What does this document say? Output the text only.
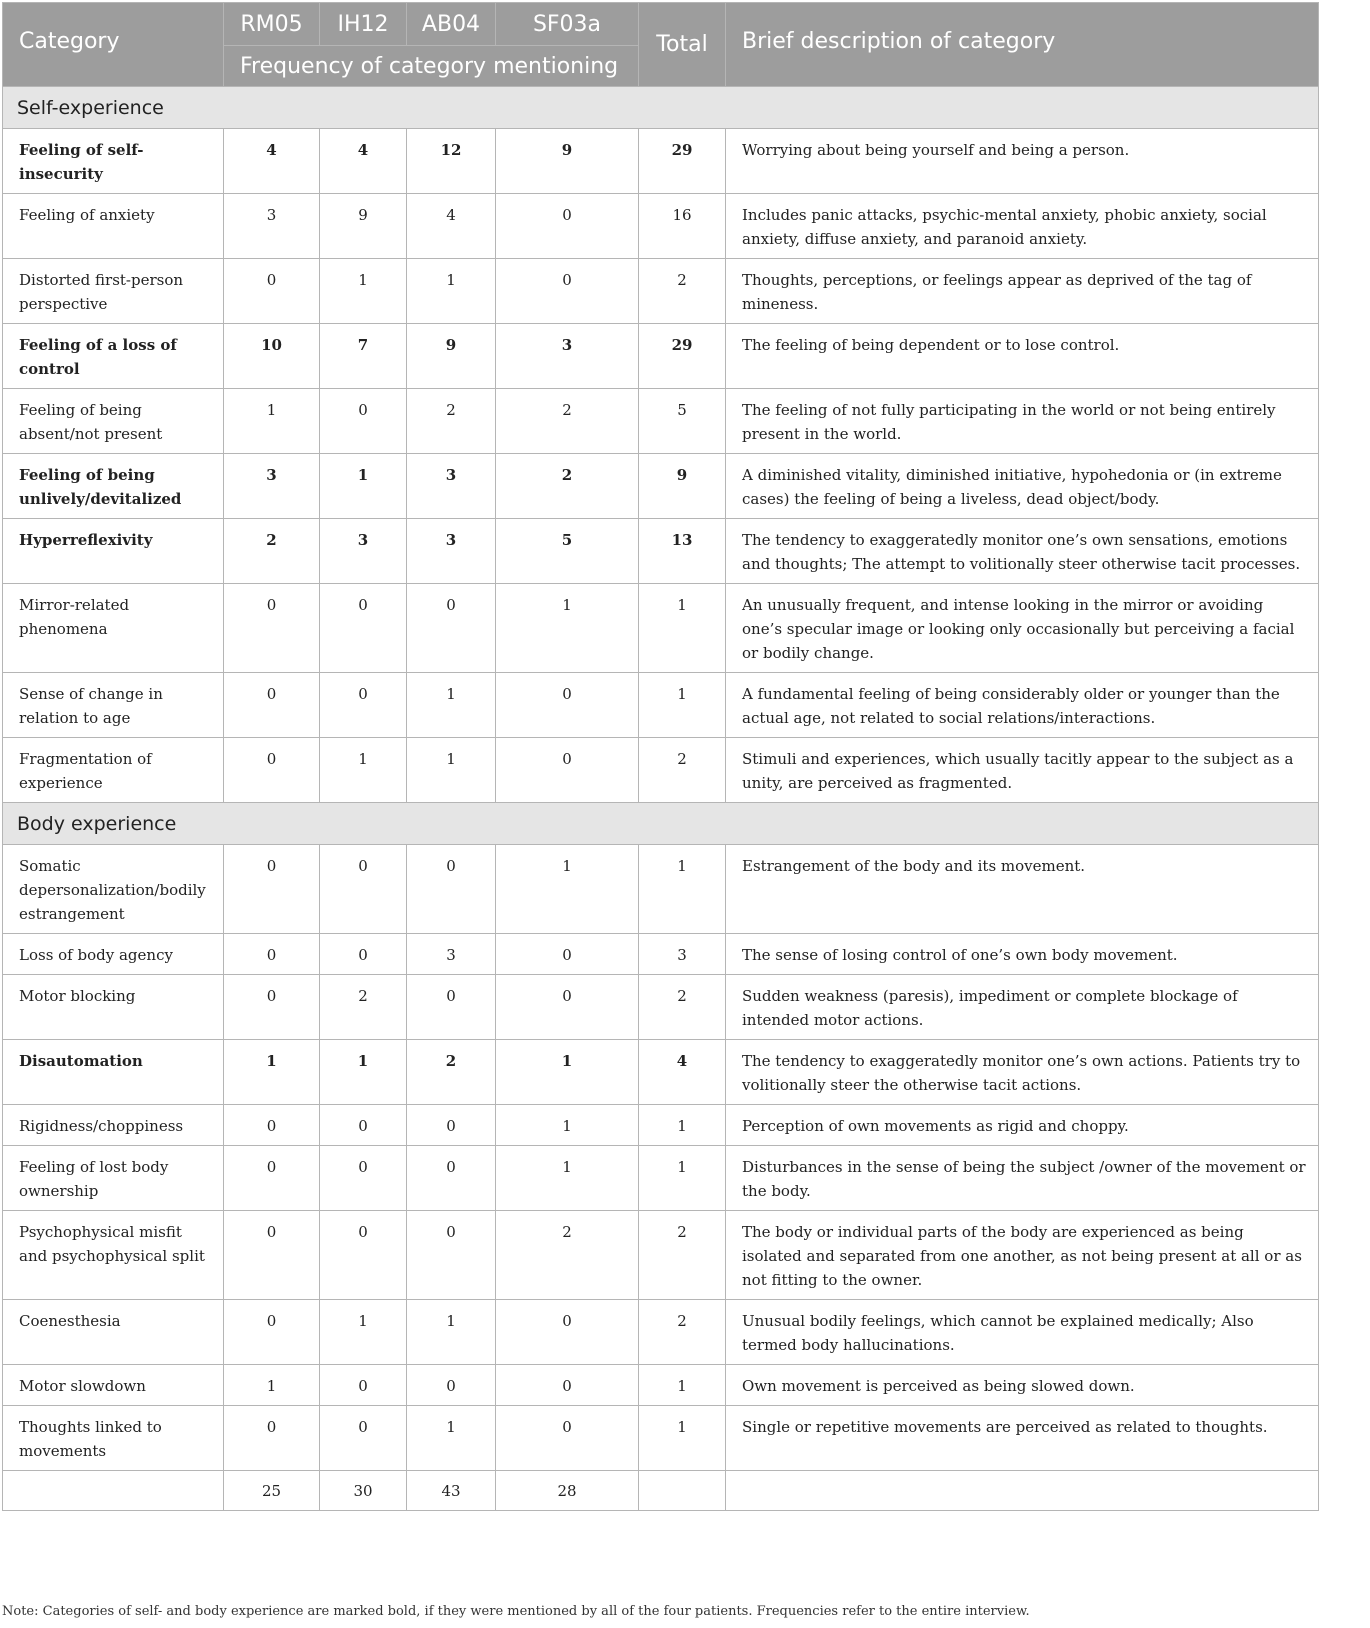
Category	RM05	IH12	AB04	SF03a	Total	Brief description of category
	Frequency of category mentioning					
Self-experience						
Feeling of self-insecurity	4	4	12	9	29	Worrying about being yourself and being a person.
Feeling of anxiety	3	9	4	0	16	Includes panic attacks, psychic-mental anxiety, phobic anxiety, social anxiety, diffuse anxiety, and paranoid anxiety.
Distorted first-person perspective	0	1	1	0	2	Thoughts, perceptions, or feelings appear as deprived of the tag of mineness.
Feeling of a loss of control	10	7	9	3	29	The feeling of being dependent or to lose control.
Feeling of being absent/not present	1	0	2	2	5	The feeling of not fully participating in the world or not being entirely present in the world.
Feeling of being unlively/devitalized	3	1	3	2	9	A diminished vitality, diminished initiative, hypohedonia or (in extreme cases) the feeling of being a liveless, dead object/body.
Hyperreflexivity	2	3	3	5	13	The tendency to exaggeratedly monitor one’s own sensations, emotions and thoughts; The attempt to volitionally steer otherwise tacit processes.
Mirror-related phenomena	0	0	0	1	1	An unusually frequent, and intense looking in the mirror or avoiding one’s specular image or looking only occasionally but perceiving a facial or bodily change.
Sense of change in relation to age	0	0	1	0	1	A fundamental feeling of being considerably older or younger than the actual age, not related to social relations/interactions.
Fragmentation of experience	0	1	1	0	2	Stimuli and experiences, which usually tacitly appear to the subject as a unity, are perceived as fragmented.
Body experience						
Somatic depersonalization/bodily estrangement	0	0	0	1	1	Estrangement of the body and its movement.
Loss of body agency	0	0	3	0	3	The sense of losing control of one’s own body movement.
Motor blocking	0	2	0	0	2	Sudden weakness (paresis), impediment or complete blockage of intended motor actions.
Disautomation	1	1	2	1	4	The tendency to exaggeratedly monitor one’s own actions. Patients try to volitionally steer the otherwise tacit actions.
Rigidness/choppiness	0	0	0	1	1	Perception of own movements as rigid and choppy.
Feeling of lost body ownership	0	0	0	1	1	Disturbances in the sense of being the subject /owner of the movement or the body.
Psychophysical misfit and psychophysical split	0	0	0	2	2	The body or individual parts of the body are experienced as being isolated and separated from one another, as not being present at all or as not fitting to the owner.
Coenesthesia	0	1	1	0	2	Unusual bodily feelings, which cannot be explained medically; Also termed body hallucinations.
Motor slowdown	1	0	0	0	1	Own movement is perceived as being slowed down.
Thoughts linked to movements	0	0	1	0	1	Single or repetitive movements are perceived as related to thoughts.
	25	30	43	28		
Note: Categories of self- and body experience are marked bold, if they were mentioned by all of the four patients. Frequencies refer to the entire interview.
